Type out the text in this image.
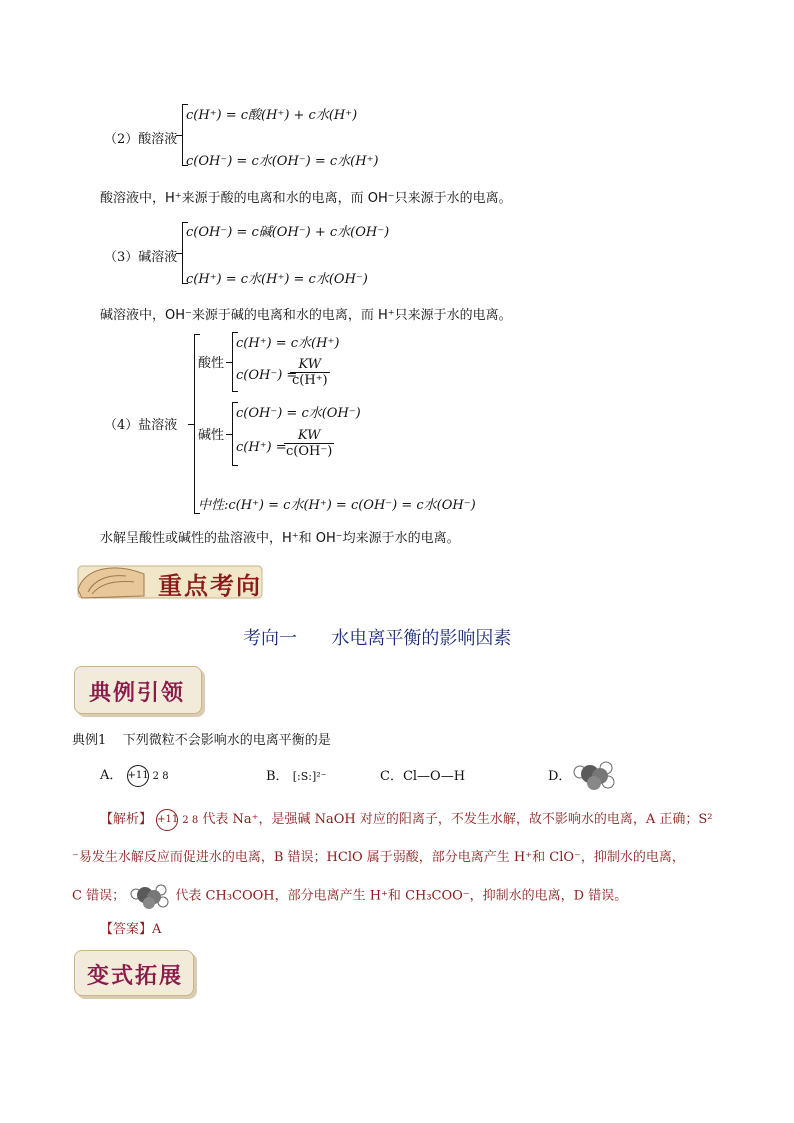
（2）酸溶液
c(H⁺) = c酸(H⁺) + c水(H⁺)
c(OH⁻) = c水(OH⁻) = c水(H⁺)
酸溶液中，H⁺来源于酸的电离和水的电离，而 OH⁻只来源于水的电离。
（3）碱溶液
c(OH⁻) = c碱(OH⁻) + c水(OH⁻)
c(H⁺) = c水(H⁺) = c水(OH⁻)
碱溶液中，OH⁻来源于碱的电离和水的电离，而 H⁺只来源于水的电离。
（4）盐溶液
酸性
c(H⁺) = c水(H⁺)
c(OH⁻) =
$\frac{KW}{c(H^+)}$
碱性
c(OH⁻) = c水(OH⁻)
c(H⁺) =
$\frac{KW}{c(OH^-)}$
中性:c(H⁺) = c水(H⁺) = c(OH⁻) = c水(OH⁻)
水解呈酸性或碱性的盐溶液中，H⁺和 OH⁻均来源于水的电离。
重点考向
考向一      水电离平衡的影响因素
典例引领
典例1    下列微粒不会影响水的电离平衡的是
A． +11 2 8	B． [:S:]²⁻	C．Cl—O—H	D．
【解析】 +11 2 8 代表 Na⁺，是强碱 NaOH 对应的阳离子，不发生水解，故不影响水的电离，A 正确；S²
⁻易发生水解反应而促进水的电离，B 错误；HClO 属于弱酸，部分电离产生 H⁺和 ClO⁻，抑制水的电离，
C 错误；	代表 CH₃COOH，部分电离产生 H⁺和 CH₃COO⁻，抑制水的电离，D 错误。
【答案】A
变式拓展
